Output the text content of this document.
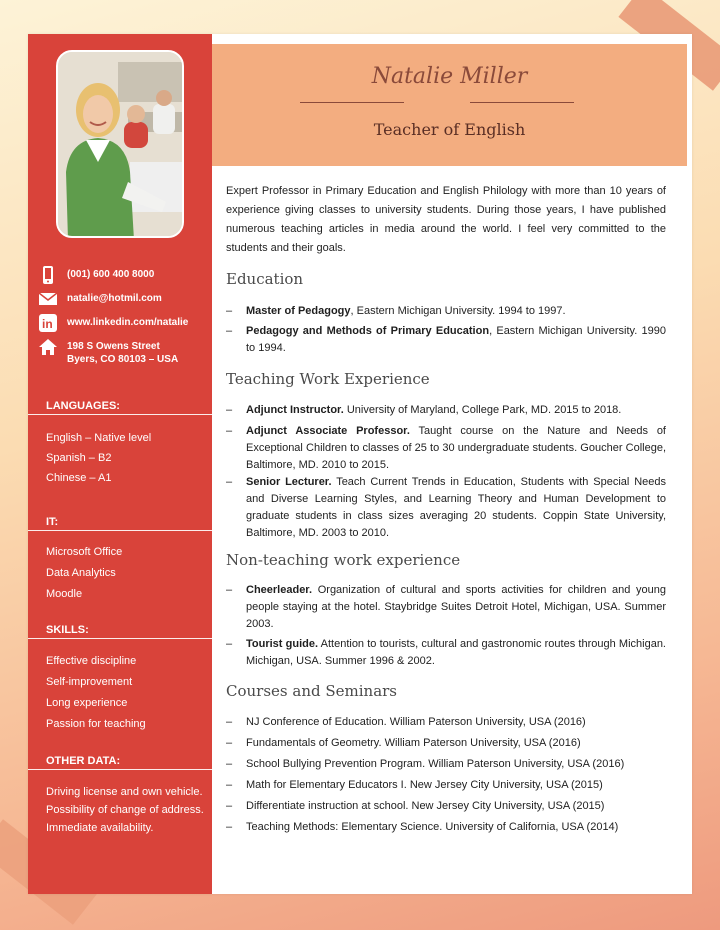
(001) 600 400 8000
natalie@hotmil.com
in www.linkedin.com/natalie
198 S Owens Street
Byers, CO 80103 – USA
LANGUAGES:
English – Native level
Spanish – B2
Chinese – A1
IT:
Microsoft Office
Data Analytics
Moodle
SKILLS:
Effective discipline
Self-improvement
Long experience
Passion for teaching
OTHER DATA:
Driving license and own vehicle.
Possibility of change of address.
Immediate availability.
Natalie Miller
Teacher of English
Expert Professor in Primary Education and English Philology with more than 10 years of experience giving classes to university students. During those years, I have published numerous teaching articles in media around the world. I feel very committed to the students and their goals.
Education
–	Master of Pedagogy, Eastern Michigan University. 1994 to 1997.
–	Pedagogy and Methods of Primary Education, Eastern Michigan University. 1990 to 1994.
Teaching Work Experience
–	Adjunct Instructor. University of Maryland, College Park, MD. 2015 to 2018.
–	Adjunct Associate Professor. Taught course on the Nature and Needs of Exceptional Children to classes of 25 to 30 undergraduate students. Goucher College, Baltimore, MD. 2010 to 2015.
–	Senior Lecturer. Teach Current Trends in Education, Students with Special Needs and Diverse Learning Styles, and Learning Theory and Human Development to graduate students in class sizes averaging 20 students. Coppin State University, Baltimore, MD. 2003 to 2010.
Non-teaching work experience
–	Cheerleader. Organization of cultural and sports activities for children and young people staying at the hotel. Staybridge Suites Detroit Hotel, Michigan, USA. Summer 2003.
–	Tourist guide. Attention to tourists, cultural and gastronomic routes through Michigan. Michigan, USA. Summer 1996 & 2002.
Courses and Seminars
–	NJ Conference of Education. William Paterson University, USA (2016)
–	Fundamentals of Geometry. William Paterson University, USA (2016)
–	School Bullying Prevention Program. William Paterson University, USA (2016)
–	Math for Elementary Educators I. New Jersey City University, USA (2015)
–	Differentiate instruction at school. New Jersey City University, USA (2015)
–	Teaching Methods: Elementary Science. University of California, USA (2014)
